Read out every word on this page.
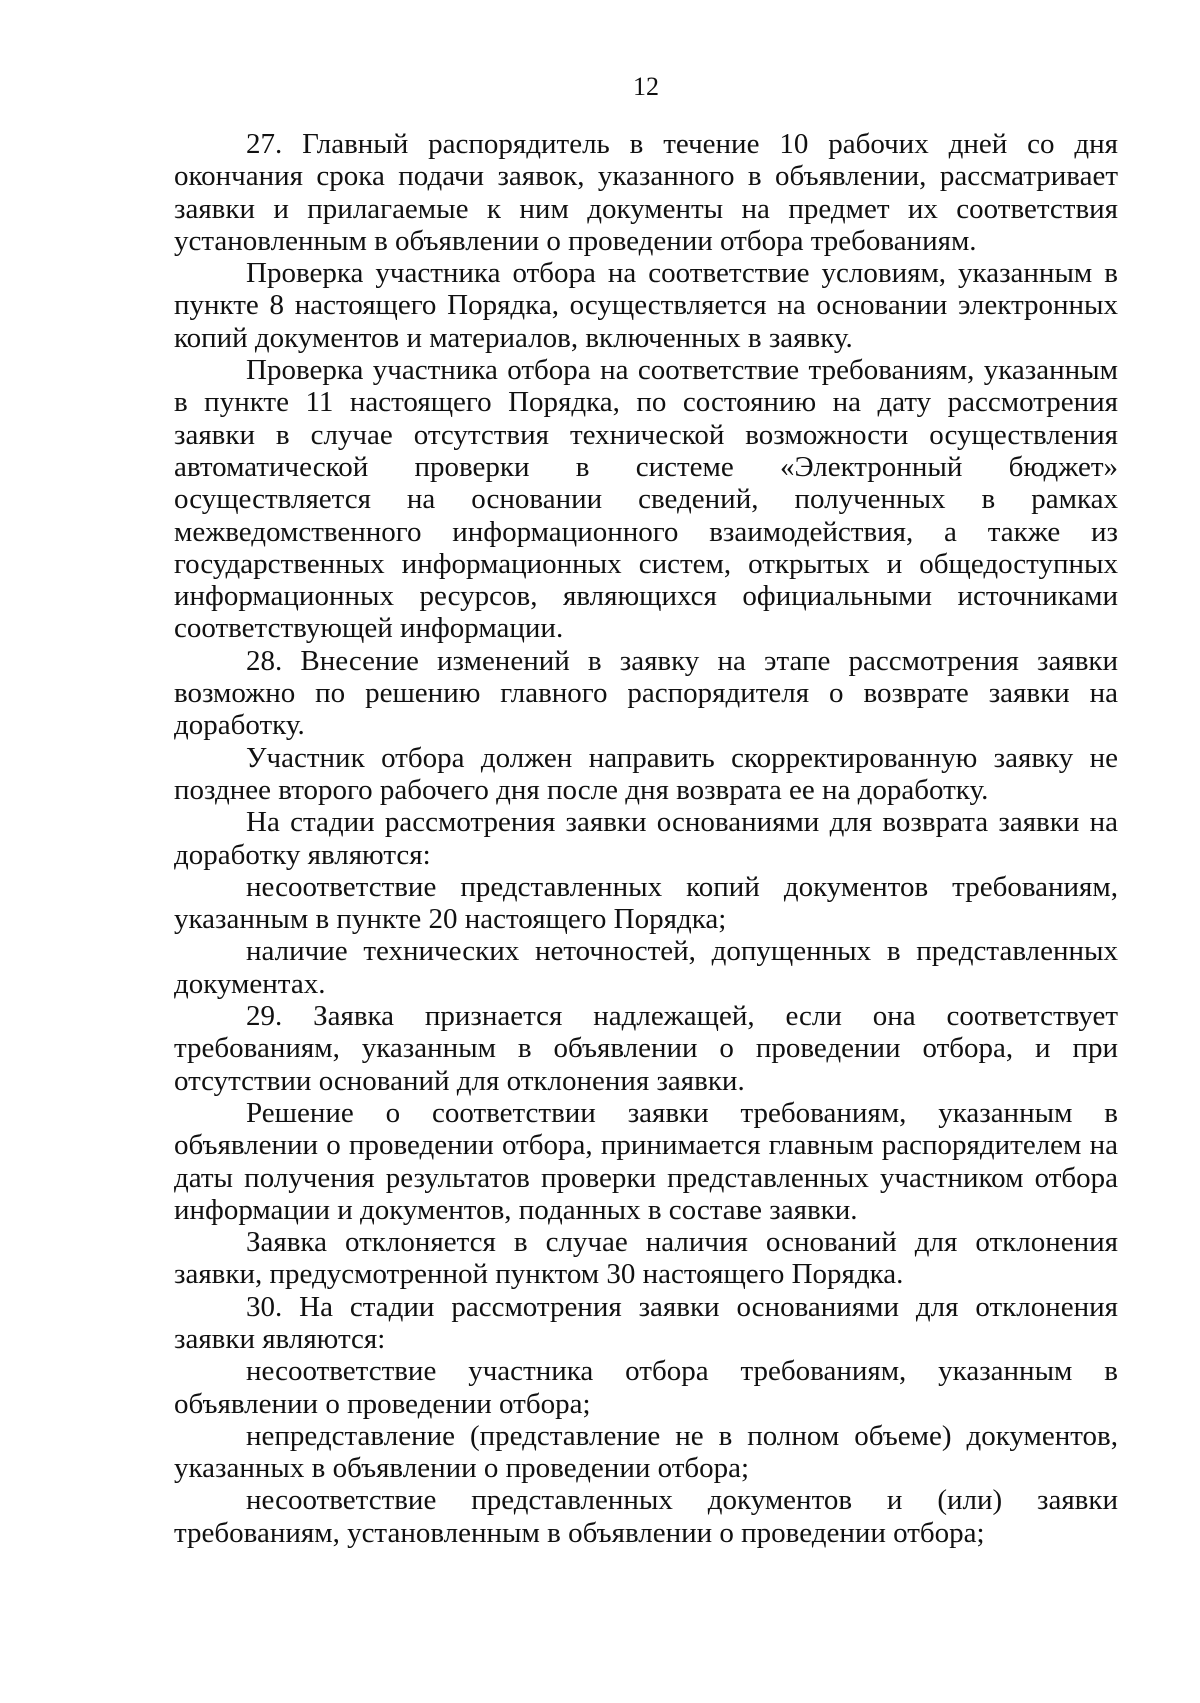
12

27. Главный распорядитель в течение 10 рабочих дней со дня окончания срока подачи заявок, указанного в объявлении, рассматривает заявки и прилагаемые к ним документы на предмет их соответствия установленным в объявлении о проведении отбора требованиям.

Проверка участника отбора на соответствие условиям, указанным в пункте 8 настоящего Порядка, осуществляется на основании электронных копий документов и материалов, включенных в заявку.

Проверка участника отбора на соответствие требованиям, указанным в пункте 11 настоящего Порядка, по состоянию на дату рассмотрения заявки в случае отсутствия технической возможности осуществления автоматической проверки в системе «Электронный бюджет» осуществляется на основании сведений, полученных в рамках межведомственного информационного взаимодействия, а также из государственных информационных систем, открытых и общедоступных информационных ресурсов, являющихся официальными источниками соответствующей информации.

28. Внесение изменений в заявку на этапе рассмотрения заявки возможно по решению главного распорядителя о возврате заявки на доработку.

Участник отбора должен направить скорректированную заявку не позднее второго рабочего дня после дня возврата ее на доработку.

На стадии рассмотрения заявки основаниями для возврата заявки на доработку являются:

несоответствие представленных копий документов требованиям, указанным в пункте 20 настоящего Порядка;

наличие технических неточностей, допущенных в представленных документах.

29. Заявка признается надлежащей, если она соответствует требованиям, указанным в объявлении о проведении отбора, и при отсутствии оснований для отклонения заявки.

Решение о соответствии заявки требованиям, указанным в объявлении о проведении отбора, принимается главным распорядителем на даты получения результатов проверки представленных участником отбора информации и документов, поданных в составе заявки.

Заявка отклоняется в случае наличия оснований для отклонения заявки, предусмотренной пунктом 30 настоящего Порядка.

30. На стадии рассмотрения заявки основаниями для отклонения заявки являются:

несоответствие участника отбора требованиям, указанным в объявлении о проведении отбора;

непредставление (представление не в полном объеме) документов, указанных в объявлении о проведении отбора;

несоответствие представленных документов и (или) заявки требованиям, установленным в объявлении о проведении отбора;
